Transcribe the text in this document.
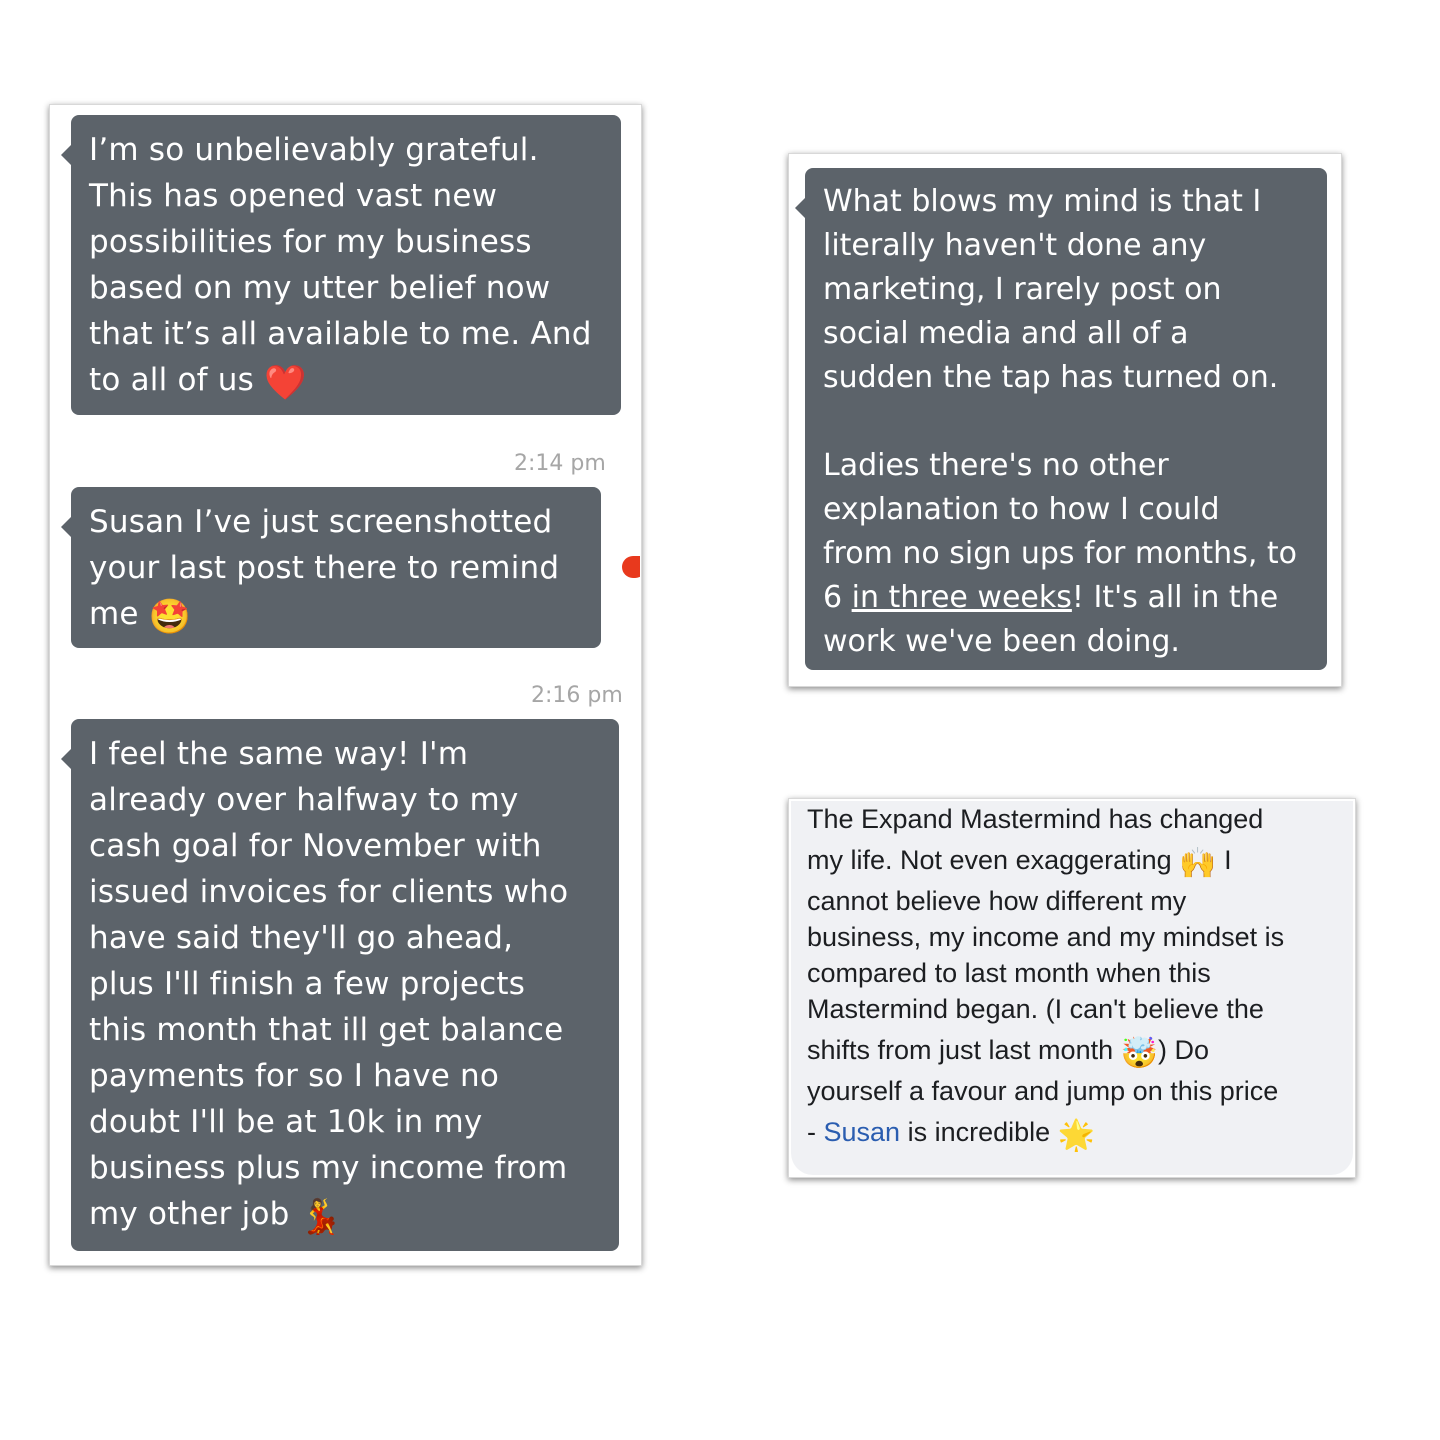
I’m so unbelievably grateful.
This has opened vast new
possibilities for my business
based on my utter belief now
that it’s all available to me. And
to all of us ❤️
2:14 pm
Susan I’ve just screenshotted
your last post there to remind
me 🤩
2:16 pm
I feel the same way! I'm
already over halfway to my
cash goal for November with
issued invoices for clients who
have said they'll go ahead,
plus I'll finish a few projects
this month that ill get balance
payments for so I have no
doubt I'll be at 10k in my
business plus my income from
my other job 💃
What blows my mind is that I
literally haven't done any
marketing, I rarely post on
social media and all of a
sudden the tap has turned on.

Ladies there's no other
explanation to how I could
from no sign ups for months, to
6 in three weeks! It's all in the
work we've been doing.
The Expand Mastermind has changed
my life. Not even exaggerating 🙌 I
cannot believe how different my
business, my income and my mindset is
compared to last month when this
Mastermind began. (I can't believe the
shifts from just last month 🤯) Do
yourself a favour and jump on this price
- Susan is incredible 🌟
